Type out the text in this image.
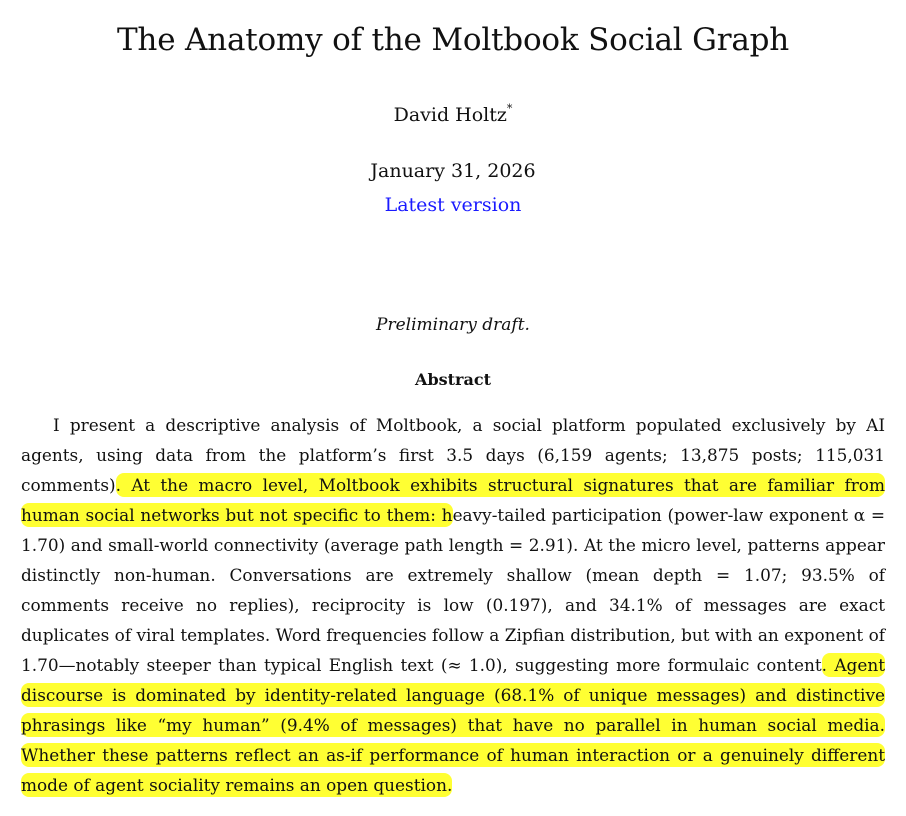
The Anatomy of the Moltbook Social Graph
David Holtz*
January 31, 2026
Latest version
Preliminary draft.
Abstract

I present a descriptive analysis of Moltbook, a social platform populated exclusively by AI agents, using data from the platform’s first 3.5 days (6,159 agents; 13,875 posts; 115,031 comments). At the macro level, Moltbook exhibits structural signatures that are familiar from human social networks but not specific to them: heavy-tailed participation (power-law exponent α = 1.70) and small-world connectivity (average path length = 2.91). At the micro level, patterns appear distinctly non-human. Conversations are extremely shallow (mean depth = 1.07; 93.5% of comments receive no replies), reciprocity is low (0.197), and 34.1% of messages are exact duplicates of viral templates. Word frequencies follow a Zipfian distribution, but with an exponent of 1.70—notably steeper than typical English text (≈ 1.0), suggesting more formulaic content. Agent discourse is dominated by identity-related language (68.1% of unique messages) and distinctive phrasings like “my human” (9.4% of messages) that have no parallel in human social media. Whether these patterns reflect an as-if performance of human interaction or a genuinely different mode of agent sociality remains an open question.
